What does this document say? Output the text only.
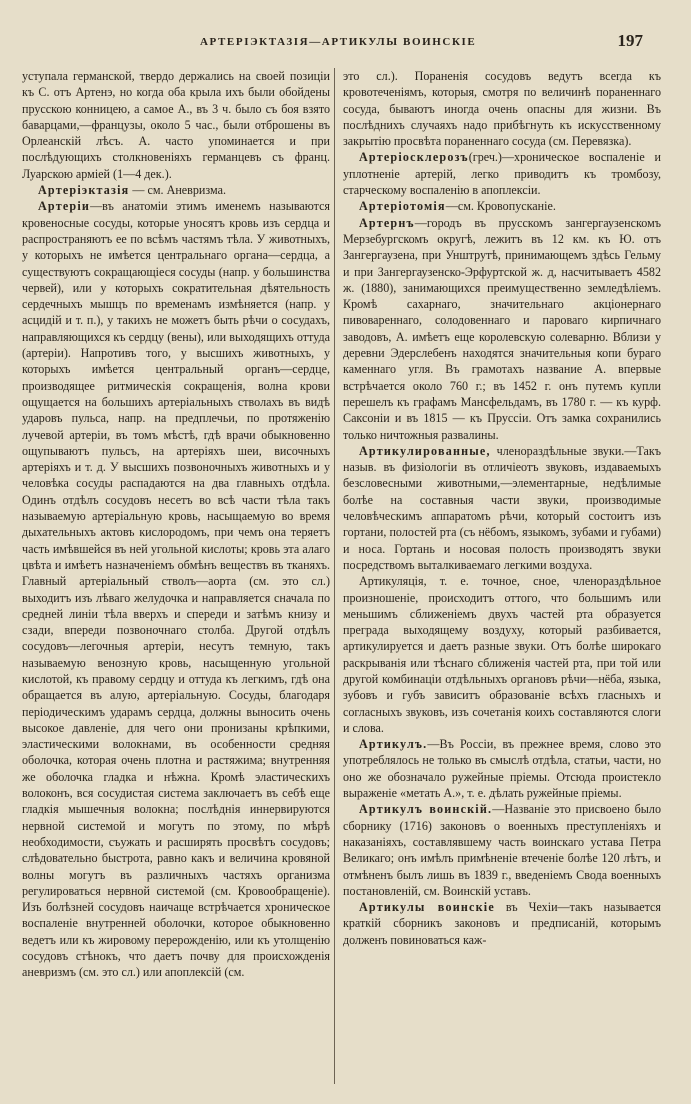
АРТЕРІЭКТАЗІЯ—АРТИКУЛЫ ВОИНСКІЕ	197

уступала германской, твердо держались на своей позиціи къ С. отъ Артенэ, но когда оба крыла ихъ были обойдены прусскою конницею, а самое А., въ 3 ч. было съ боя взято баварцами,—французы, около 5 час., были отброшены въ Орлеанскій лѣсъ. А. часто упоминается и при послѣдующихъ столкновеніяхъ германцевъ съ франц. Луарскою арміей (1—4 дек.).

Артеріэктазія — см. Аневризма.

Артеріи—въ анатоміи этимъ именемъ называются кровеносные сосуды, которые уносятъ кровь изъ сердца и распространяютъ ее по всѣмъ частямъ тѣла. У животныхъ, у которыхъ не имѣется центральнаго органа—сердца, а существуютъ сокращающіеся сосуды (напр. у большинства червей), или у которыхъ сократительная дѣятельность сердечныхъ мышцъ по временамъ измѣняется (напр. у асцидій и т. п.), у такихъ не можетъ быть рѣчи о сосудахъ, направляющихся къ сердцу (вены), или выходящихъ оттуда (артеріи). Напротивъ того, у высшихъ животныхъ, у которыхъ имѣется центральный органъ—сердце, производящее ритмическія сокращенія, волна крови ощущается на большихъ артеріальныхъ стволахъ въ видѣ ударовъ пульса, напр. на предплечьи, по протяженію лучевой артеріи, въ томъ мѣстѣ, гдѣ врачи обыкновенно ощупываютъ пульсъ, на артеріяхъ шеи, височныхъ артеріяхъ и т. д. У высшихъ позвоночныхъ животныхъ и у человѣка сосуды распадаются на два главныхъ отдѣла. Одинъ отдѣлъ сосудовъ несетъ во всѣ части тѣла такъ называемую артеріальную кровь, насыщаемую во время дыхательныхъ актовъ кислородомъ, при чемъ она теряетъ часть имѣвшейся въ ней угольной кислоты; кровь эта алаго цвѣта и имѣетъ назначеніемъ обмѣнъ веществъ въ тканяхъ. Главный артеріальный стволъ—аорта (см. это сл.) выходитъ изъ лѣваго желудочка и направляется сначала по средней линіи тѣла вверхъ и спереди и затѣмъ книзу и сзади, впереди позвоночнаго столба. Другой отдѣлъ сосудовъ—легочныя артеріи, несутъ темную, такъ называемую венозную кровь, насыщенную угольной кислотой, къ правому сердцу и оттуда къ легкимъ, гдѣ она обращается въ алую, артеріальную. Сосуды, благодаря періодическимъ ударамъ сердца, должны выносить очень высокое давленіе, для чего они пронизаны крѣпкими, эластическими волокнами, въ особенности средняя оболочка, которая очень плотна и растяжима; внутренняя же оболочка гладка и нѣжна. Кромѣ эластическихъ волоконъ, вся сосудистая система заключаетъ въ себѣ еще гладкія мышечныя волокна; послѣднія иннервируются нервной системой и могутъ по этому, по мѣрѣ необходимости, съужать и расширять просвѣтъ сосудовъ; слѣдовательно быстрота, равно какъ и величина кровяной волны могутъ въ различныхъ частяхъ организма регулироваться нервной системой (см. Кровообращеніе). Изъ болѣзней сосудовъ наичаще встрѣчается хроническое воспаленіе внутренней оболочки, которое обыкновенно ведетъ или къ жировому перерожденію, или къ утолщенію сосудовъ стѣнокъ, что даетъ почву для происхожденія аневризмъ (см. это сл.) или апоплексій (см.

это сл.). Пораненія сосудовъ ведутъ всегда къ кровотеченіямъ, которыя, смотря по величинѣ пораненнаго сосуда, бываютъ иногда очень опасны для жизни. Въ послѣднихъ случаяхъ надо прибѣгнуть къ искусственному закрытію просвѣта пораненнаго сосуда (см. Перевязка).

Артеріосклерозъ(греч.)—хроническое воспаленіе и уплотненіе артерій, легко приводитъ къ тромбозу, старческому воспаленію в апоплексіи.

Артеріотомія—см. Кровопусканіе.

Артернъ—городъ въ прусскомъ зангергаузенскомъ Мерзебургскомъ округѣ, лежитъ въ 12 км. къ Ю. отъ Зангергаузена, при Унштрутѣ, принимающемъ здѣсь Гельму и при Зангергаузенско-Эрфуртской ж. д, насчитываетъ 4582 ж. (1880), занимающихся преимущественно земледѣліемъ. Кромѣ сахарнаго, значительнаго акціонернаго пивовареннаго, солодовеннаго и пароваго кирпичнаго заводовъ, А. имѣетъ еще королевскую солеварню. Вблизи у деревни Эдерслебенъ находятся значительныя копи бураго каменнаго угля. Въ грамотахъ название А. впервые встрѣчается около 760 г.; въ 1452 г. онъ путемъ купли перешелъ къ графамъ Мансфельдамъ, въ 1780 г. — къ курф. Саксоніи и въ 1815 — къ Пруссіи. Отъ замка сохранились только ничтожныя развалины.

Артикулированные, членораздѣльные звуки.—Такъ назыв. въ физіологіи въ отличіеотъ звуковъ, издаваемыхъ безсловесными животными,—элементарные, недѣлимые болѣе на составныя части звуки, производимые человѣческимъ аппаратомъ рѣчи, который состоитъ изъ гортани, полостей рта (съ нёбомъ, языкомъ, зубами и губами) и носа. Гортань и носовая полость производятъ звуки посредствомъ выталкиваемаго легкими воздуха.

Артикуляція, т. е. точное, сное, членораздѣльное произношеніе, происходитъ оттого, что большимъ или меньшимъ сближеніемъ двухъ частей рта образуется преграда выходящему воздуху, который разбивается, артикулируется и даетъ разные звуки. Отъ болѣе широкаго раскрыванія или тѣснаго сближенія частей рта, при той или другой комбинаціи отдѣльныхъ органовъ рѣчи—нёба, языка, зубовъ и губъ зависитъ образованіе всѣхъ гласныхъ и согласныхъ звуковъ, изъ сочетанія коихъ составляются слоги и слова.

Артикулъ.—Въ Россіи, въ прежнее время, слово это употреблялось не только въ смыслѣ отдѣла, статьи, части, но оно же обозначало ружейные пріемы. Отсюда проистекло выраженіе «метать А.», т. е. дѣлать ружейные пріемы.

Артикулъ воинскій.—Названіе это присвоено было сборнику (1716) законовъ о военныхъ преступленіяхъ и наказаніяхъ, составлявшему часть воинскаго устава Петра Великаго; онъ имѣлъ примѣненіе втеченіе болѣе 120 лѣтъ, и отмѣненъ былъ лишь въ 1839 г., введеніемъ Свода военныхъ постановленій, см. Воинскій уставъ.

Артикулы воинскіе въ Чехіи—такъ называется краткій сборникъ законовъ и предписаній, которымъ долженъ повиноваться каж-
